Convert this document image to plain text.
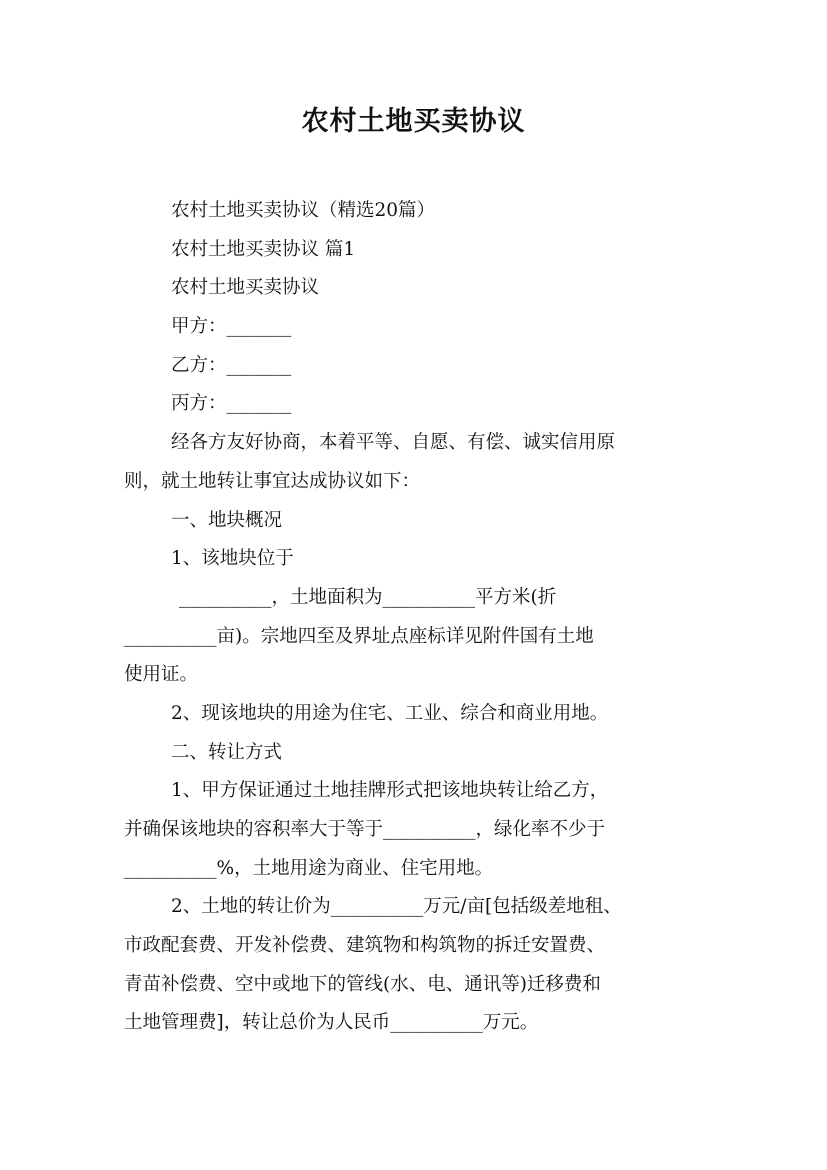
农村土地买卖协议
农村土地买卖协议（精选20篇）
农村土地买卖协议 篇1
农村土地买卖协议
甲方：_______
乙方：_______
丙方：_______
经各方友好协商，本着平等、自愿、有偿、诚实信用原
则，就土地转让事宜达成协议如下：
一、地块概况
1、该地块位于
__________，土地面积为__________平方米(折
__________亩)。宗地四至及界址点座标详见附件国有土地
使用证。
2、现该地块的用途为住宅、工业、综合和商业用地。
二、转让方式
1、甲方保证通过土地挂牌形式把该地块转让给乙方，
并确保该地块的容积率大于等于__________，绿化率不少于
__________%，土地用途为商业、住宅用地。
2、土地的转让价为__________万元/亩[包括级差地租、
市政配套费、开发补偿费、建筑物和构筑物的拆迁安置费、
青苗补偿费、空中或地下的管线(水、电、通讯等)迁移费和
土地管理费]，转让总价为人民币__________万元。
